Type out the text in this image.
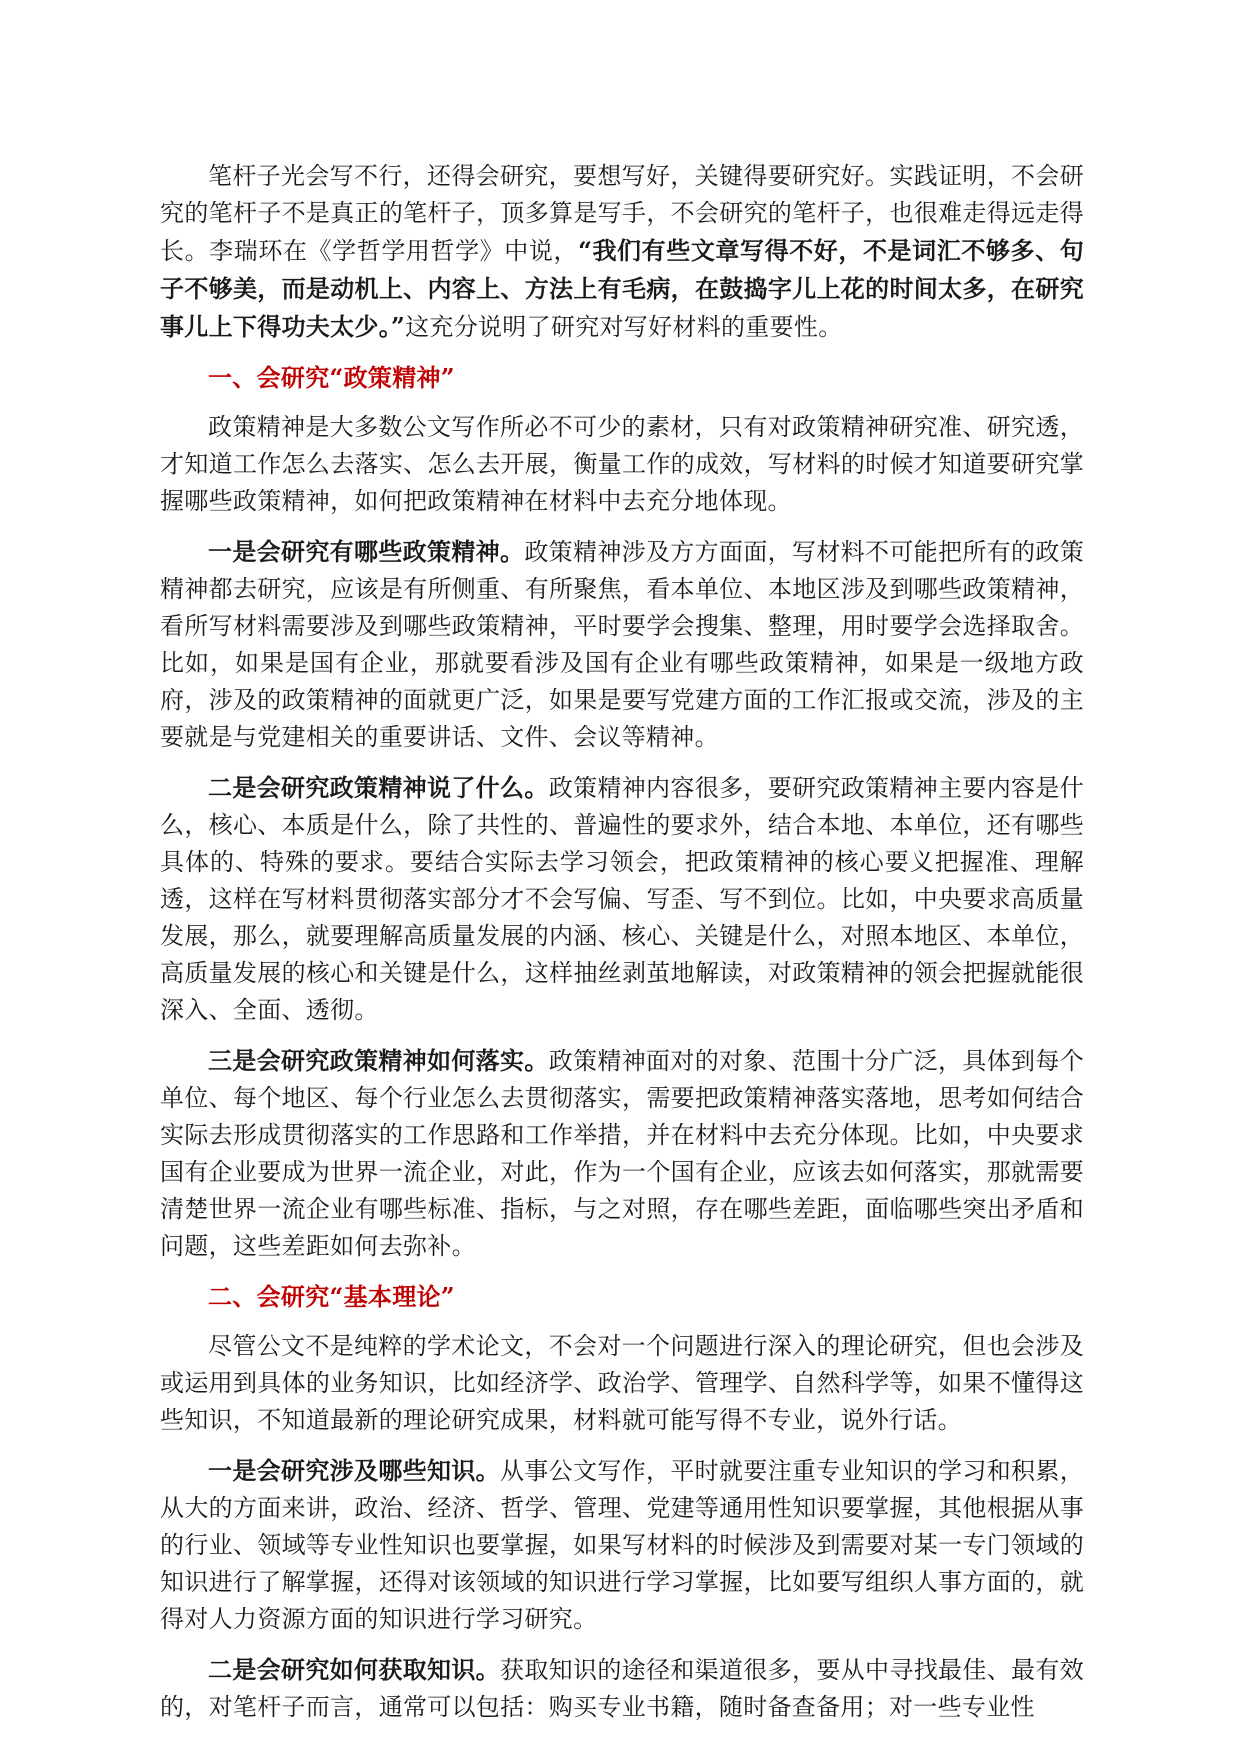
笔杆子光会写不行，还得会研究，要想写好，关键得要研究好。实践证明，不会研究的笔杆子不是真正的笔杆子，顶多算是写手，不会研究的笔杆子，也很难走得远走得长。李瑞环在《学哲学用哲学》中说，“我们有些文章写得不好，不是词汇不够多、句子不够美，而是动机上、内容上、方法上有毛病，在鼓捣字儿上花的时间太多，在研究事儿上下得功夫太少。”这充分说明了研究对写好材料的重要性。

一、会研究“政策精神”

政策精神是大多数公文写作所必不可少的素材，只有对政策精神研究准、研究透，才知道工作怎么去落实、怎么去开展，衡量工作的成效，写材料的时候才知道要研究掌握哪些政策精神，如何把政策精神在材料中去充分地体现。

一是会研究有哪些政策精神。政策精神涉及方方面面，写材料不可能把所有的政策精神都去研究，应该是有所侧重、有所聚焦，看本单位、本地区涉及到哪些政策精神，看所写材料需要涉及到哪些政策精神，平时要学会搜集、整理，用时要学会选择取舍。比如，如果是国有企业，那就要看涉及国有企业有哪些政策精神，如果是一级地方政府，涉及的政策精神的面就更广泛，如果是要写党建方面的工作汇报或交流，涉及的主要就是与党建相关的重要讲话、文件、会议等精神。

二是会研究政策精神说了什么。政策精神内容很多，要研究政策精神主要内容是什么，核心、本质是什么，除了共性的、普遍性的要求外，结合本地、本单位，还有哪些具体的、特殊的要求。要结合实际去学习领会，把政策精神的核心要义把握准、理解透，这样在写材料贯彻落实部分才不会写偏、写歪、写不到位。比如，中央要求高质量发展，那么，就要理解高质量发展的内涵、核心、关键是什么，对照本地区、本单位，高质量发展的核心和关键是什么，这样抽丝剥茧地解读，对政策精神的领会把握就能很深入、全面、透彻。

三是会研究政策精神如何落实。政策精神面对的对象、范围十分广泛，具体到每个单位、每个地区、每个行业怎么去贯彻落实，需要把政策精神落实落地，思考如何结合实际去形成贯彻落实的工作思路和工作举措，并在材料中去充分体现。比如，中央要求国有企业要成为世界一流企业，对此，作为一个国有企业，应该去如何落实，那就需要清楚世界一流企业有哪些标准、指标，与之对照，存在哪些差距，面临哪些突出矛盾和问题，这些差距如何去弥补。

二、会研究“基本理论”

尽管公文不是纯粹的学术论文，不会对一个问题进行深入的理论研究，但也会涉及或运用到具体的业务知识，比如经济学、政治学、管理学、自然科学等，如果不懂得这些知识，不知道最新的理论研究成果，材料就可能写得不专业，说外行话。

一是会研究涉及哪些知识。从事公文写作，平时就要注重专业知识的学习和积累，从大的方面来讲，政治、经济、哲学、管理、党建等通用性知识要掌握，其他根据从事的行业、领域等专业性知识也要掌握，如果写材料的时候涉及到需要对某一专门领域的知识进行了解掌握，还得对该领域的知识进行学习掌握，比如要写组织人事方面的，就得对人力资源方面的知识进行学习研究。

二是会研究如何获取知识。获取知识的途径和渠道很多，要从中寻找最佳、最有效的，对笔杆子而言，通常可以包括：购买专业书籍，随时备查备用；对一些专业性
